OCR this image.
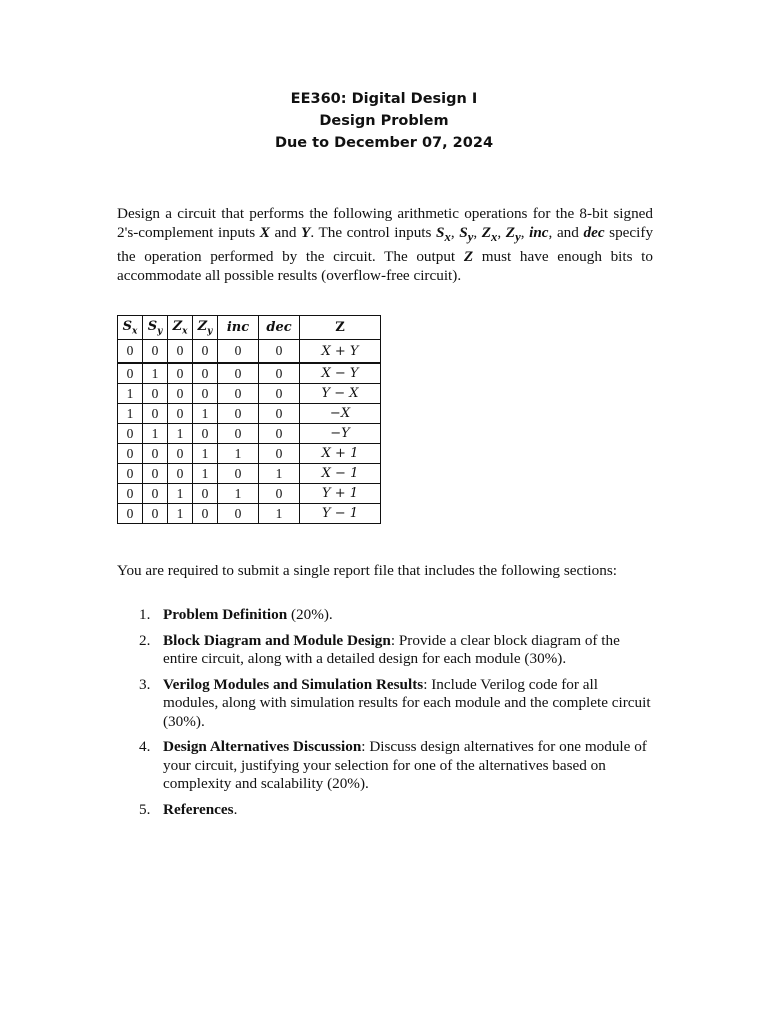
EE360: Digital Design I
Design Problem
Due to December 07, 2024

Design a circuit that performs the following arithmetic operations for the 8-bit signed 2's-complement inputs X and Y. The control inputs $S_x$, $S_y$, $Z_x$, $Z_y$, inc, and dec specify the operation performed by the circuit. The output Z must have enough bits to accommodate all possible results (overflow-free circuit).

$S_x$	$S_y$	$Z_x$	$Z_y$	inc	dec	Z
0	0	0	0	0	0	X + Y
0	1	0	0	0	0	X − Y
1	0	0	0	0	0	Y − X
1	0	0	1	0	0	−X
0	1	1	0	0	0	−Y
0	0	0	1	1	0	X + 1
0	0	0	1	0	1	X − 1
0	0	1	0	1	0	Y + 1
0	0	1	0	0	1	Y − 1

You are required to submit a single report file that includes the following sections:

1. Problem Definition (20%).
2. Block Diagram and Module Design: Provide a clear block diagram of the entire circuit, along with a detailed design for each module (30%).
3. Verilog Modules and Simulation Results: Include Verilog code for all modules, along with simulation results for each module and the complete circuit (30%).
4. Design Alternatives Discussion: Discuss design alternatives for one module of your circuit, justifying your selection for one of the alternatives based on complexity and scalability (20%).
5. References.
